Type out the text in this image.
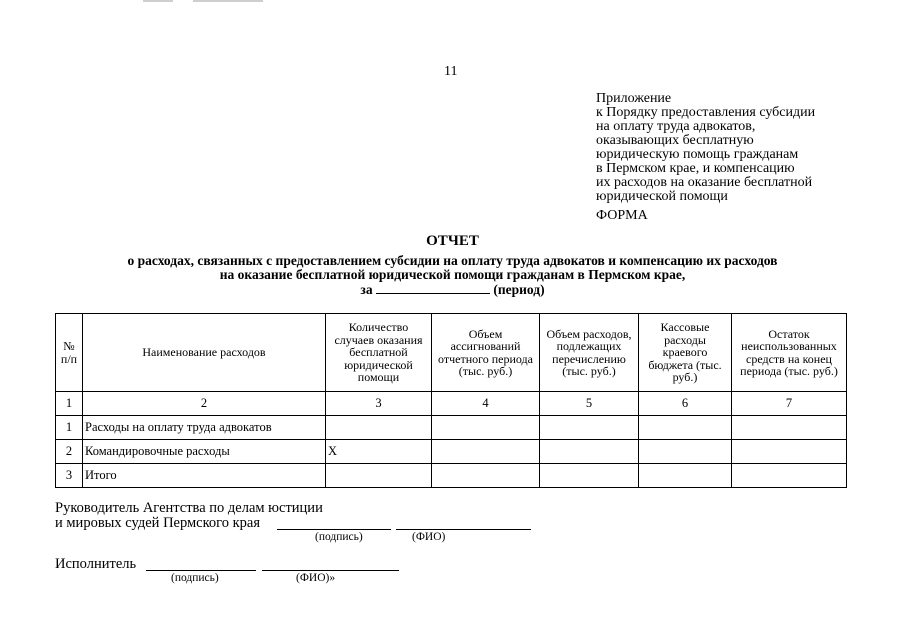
11
Приложение
к Порядку предоставления субсидии
на оплату труда адвокатов,
оказывающих бесплатную
юридическую помощь гражданам
в Пермском крае, и компенсацию
их расходов на оказание бесплатной
юридической помощи
ФОРМА
ОТЧЕТ
о расходах, связанных с предоставлением субсидии на оплату труда адвокатов и компенсацию их расходов
на оказание бесплатной юридической помощи гражданам в Пермском крае,
за	(период)
№ п/п	Наименование расходов	Количество случаев оказания бесплатной юридической помощи	Объем ассигнований отчетного периода (тыс. руб.)	Объем расходов, подлежащих перечислению (тыс. руб.)	Кассовые расходы краевого бюджета (тыс. руб.)	Остаток неиспользованных средств на конец периода (тыс. руб.)
1	2	3	4	5	6	7
1	Расходы на оплату труда адвокатов					
2	Командировочные расходы	X				
3	Итого					
Руководитель Агентства по делам юстиции
и мировых судей Пермского края
(подпись)	(ФИО)
Исполнитель
(подпись)	(ФИО)»
